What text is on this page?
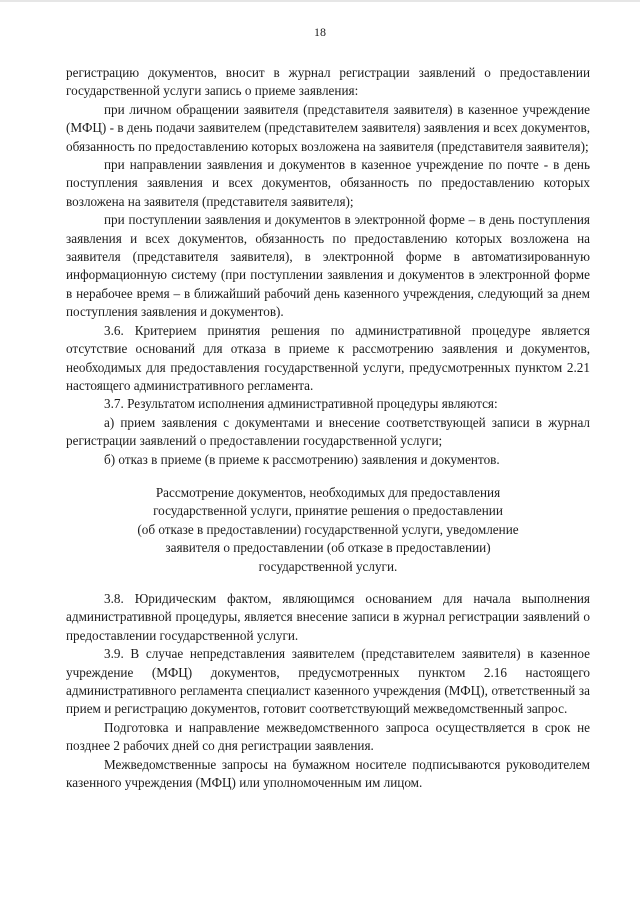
18

регистрацию документов, вносит в журнал регистрации заявлений о предоставлении государственной услуги запись о приеме заявления:

при личном обращении заявителя (представителя заявителя) в казенное учреждение (МФЦ) - в день подачи заявителем (представителем заявителя) заявления и всех документов, обязанность по предоставлению которых возложена на заявителя (представителя заявителя);

при направлении заявления и документов в казенное учреждение по почте - в день поступления заявления и всех документов, обязанность по предоставлению которых возложена на заявителя (представителя заявителя);

при поступлении заявления и документов в электронной форме – в день поступления заявления и всех документов, обязанность по предоставлению которых возложена на заявителя (представителя заявителя), в электронной форме в автоматизированную информационную систему (при поступлении заявления и документов в электронной форме в нерабочее время – в ближайший рабочий день казенного учреждения, следующий за днем поступления заявления и документов).

3.6. Критерием принятия решения по административной процедуре является отсутствие оснований для отказа в приеме к рассмотрению заявления и документов, необходимых для предоставления государственной услуги, предусмотренных пунктом 2.21 настоящего административного регламента.

3.7. Результатом исполнения административной процедуры являются:

а) прием заявления с документами и внесение соответствующей записи в журнал регистрации заявлений о предоставлении государственной услуги;

б) отказ в приеме (в приеме к рассмотрению) заявления и документов.

Рассмотрение документов, необходимых для предоставления
государственной услуги, принятие решения о предоставлении
(об отказе в предоставлении) государственной услуги, уведомление
заявителя о предоставлении (об отказе в предоставлении)
государственной услуги.

3.8. Юридическим фактом, являющимся основанием для начала выполнения административной процедуры, является внесение записи в журнал регистрации заявлений о предоставлении государственной услуги.

3.9. В случае непредставления заявителем (представителем заявителя) в казенное учреждение (МФЦ) документов, предусмотренных пунктом 2.16 настоящего административного регламента специалист казенного учреждения (МФЦ), ответственный за прием и регистрацию документов, готовит соответствующий межведомственный запрос.

Подготовка и направление межведомственного запроса осуществляется в срок не позднее 2 рабочих дней со дня регистрации заявления.

Межведомственные запросы на бумажном носителе подписываются руководителем казенного учреждения (МФЦ) или уполномоченным им лицом.
